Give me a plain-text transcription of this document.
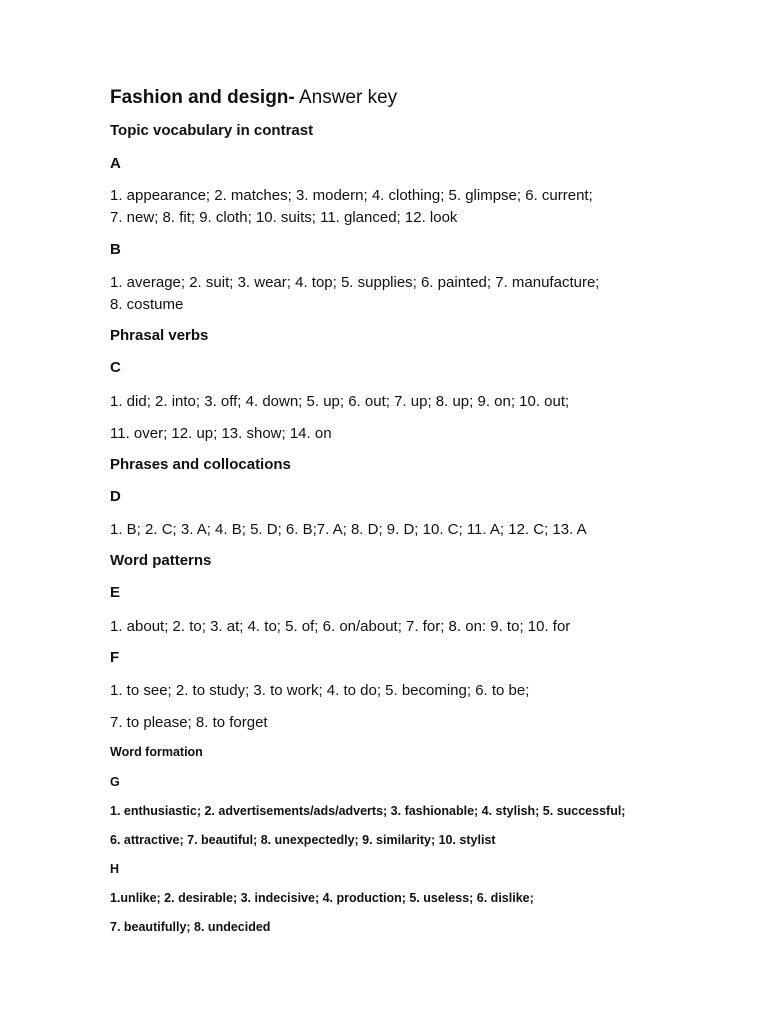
Fashion and design- Answer key
Topic vocabulary in contrast
A
1. appearance; 2. matches; 3. modern; 4. clothing; 5. glimpse; 6. current;
7. new; 8. fit; 9. cloth; 10. suits; 11. glanced; 12. look
B
1. average; 2. suit; 3. wear; 4. top; 5. supplies; 6. painted; 7. manufacture;
8. costume
Phrasal verbs
C
1. did; 2. into; 3. off; 4. down; 5. up; 6. out; 7. up; 8. up; 9. on; 10. out;
11. over; 12. up; 13. show; 14. on
Phrases and collocations
D
1. B; 2. C; 3. A; 4. B; 5. D; 6. B;7. A; 8. D; 9. D; 10. C; 11. A; 12. C; 13. A
Word patterns
E
1. about; 2. to; 3. at; 4. to; 5. of; 6. on/about; 7. for; 8. on: 9. to; 10. for
F
1. to see; 2. to study; 3. to work; 4. to do; 5. becoming; 6. to be;
7. to please; 8. to forget
Word formation
G
1. enthusiastic; 2. advertisements/ads/adverts; 3. fashionable; 4. stylish; 5. successful;
6. attractive; 7. beautiful; 8. unexpectedly; 9. similarity; 10. stylist
H
1.unlike; 2. desirable; 3. indecisive; 4. production; 5. useless; 6. dislike;
7. beautifully; 8. undecided
